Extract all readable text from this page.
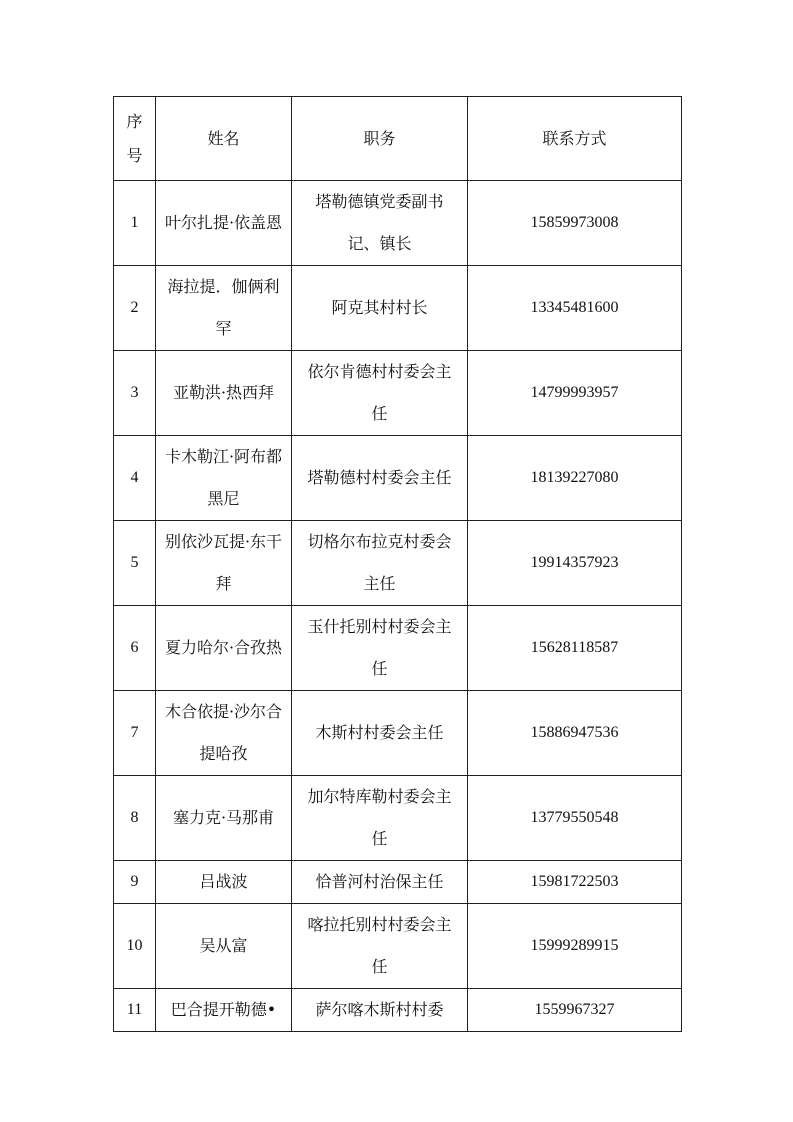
序号	姓名	职务	联系方式
1	叶尔扎提·依盖恩	塔勒德镇党委副书记、镇长	15859973008
2	海拉提．伽俩利罕	阿克其村村长	13345481600
3	亚勒洪·热西拜	依尔肯德村村委会主任	14799993957
4	卡木勒江·阿布都黑尼	塔勒德村村委会主任	18139227080
5	别依沙瓦提·东干拜	切格尔布拉克村委会主任	19914357923
6	夏力哈尔·合孜热	玉什托别村村委会主任	15628118587
7	木合依提·沙尔合提哈孜	木斯村村委会主任	15886947536
8	塞力克·马那甫	加尔特库勒村委会主任	13779550548
9	吕战波	恰普河村治保主任	15981722503
10	吴从富	喀拉托别村村委会主任	15999289915
11	巴合提开勒德•	萨尔喀木斯村村委	1559967327
